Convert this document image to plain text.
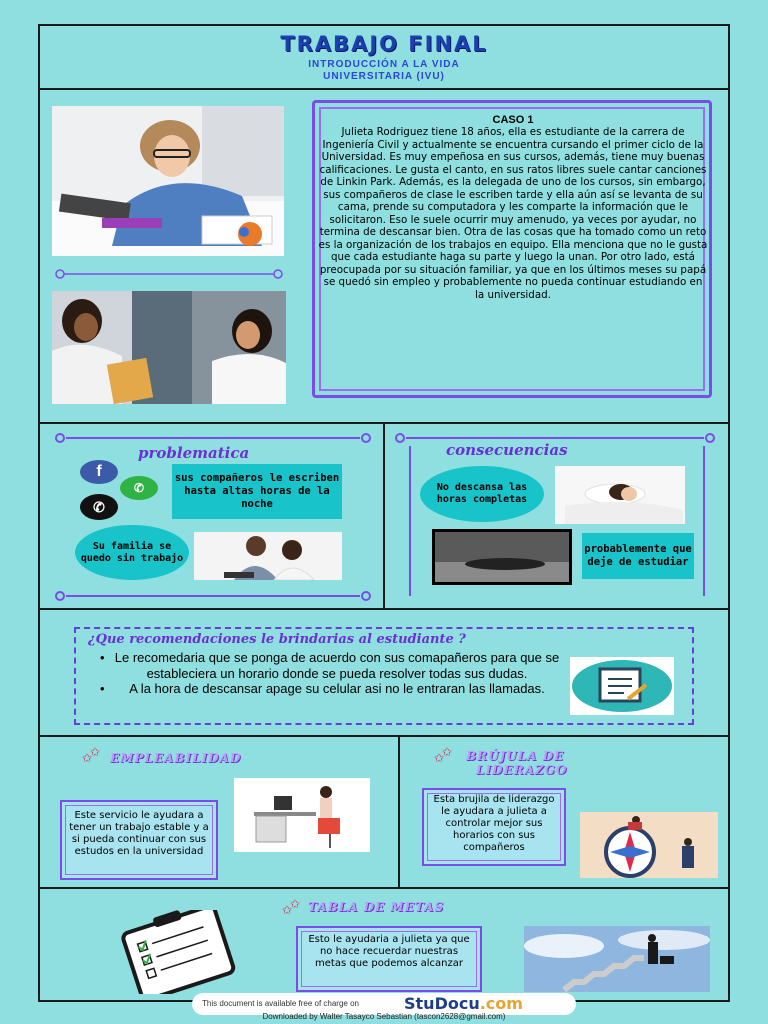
TRABAJO FINAL
INTRODUCCIÓN A LA VIDA
UNIVERSITARIA (IVU)
CASO 1
Julieta Rodriguez tiene 18 años, ella es estudiante de la carrera de Ingeniería Civil y actualmente se encuentra cursando el primer ciclo de la Universidad. Es muy empeñosa en sus cursos, además, tiene muy buenas calificaciones. Le gusta el canto, en sus ratos libres suele cantar canciones de Linkin Park. Además, es la delegada de uno de los cursos, sin embargo, sus compañeros de clase le escriben tarde y ella aún así se levanta de su cama, prende su computadora y les comparte la información que le solicitaron. Eso le suele ocurrir muy amenudo, ya veces por ayudar, no termina de descansar bien. Otra de las cosas que ha tomado como un reto es la organización de los trabajos en equipo. Ella menciona que no le gusta que cada estudiante haga su parte y luego la unan. Por otro lado, está preocupada por su situación familiar, ya que en los últimos meses su papá se quedó sin empleo y probablemente no pueda continuar estudiando en la universidad.
problematica
f
✆
✆
sus compañeros le escriben hasta altas horas de la noche
Su familia se quedo sin trabajo
consecuencias
No descansa las horas completas
probablemente que deje de estudiar
¿Que recomendaciones le brindarias al estudiante ?
• Le recomedaria que se ponga de acuerdo con sus comapañeros para que se estableciera un horario donde se pueda resolver todas sus dudas.
• A la hora de descansar apage su celular asi no le entraran las llamadas.
✩
✩ EMPLEABILIDAD
Este servicio le ayudara a tener un trabajo estable y a si pueda continuar con sus estudos en la universidad
✩
✩ BRÚJULA DE
LIDERAZGO
Esta brujila de liderazgo le ayudara a julieta a controlar mejor sus horarios con sus compañeros
✩
✩ TABLA DE METAS
Esto le ayudaria a julieta ya que no hace recuerdar nuestras metas que podemos alcanzar
This document is available free of charge on	StuDocu.com
Downloaded by Walter Tasayco Sebastian (tascon2628@gmail.com)
